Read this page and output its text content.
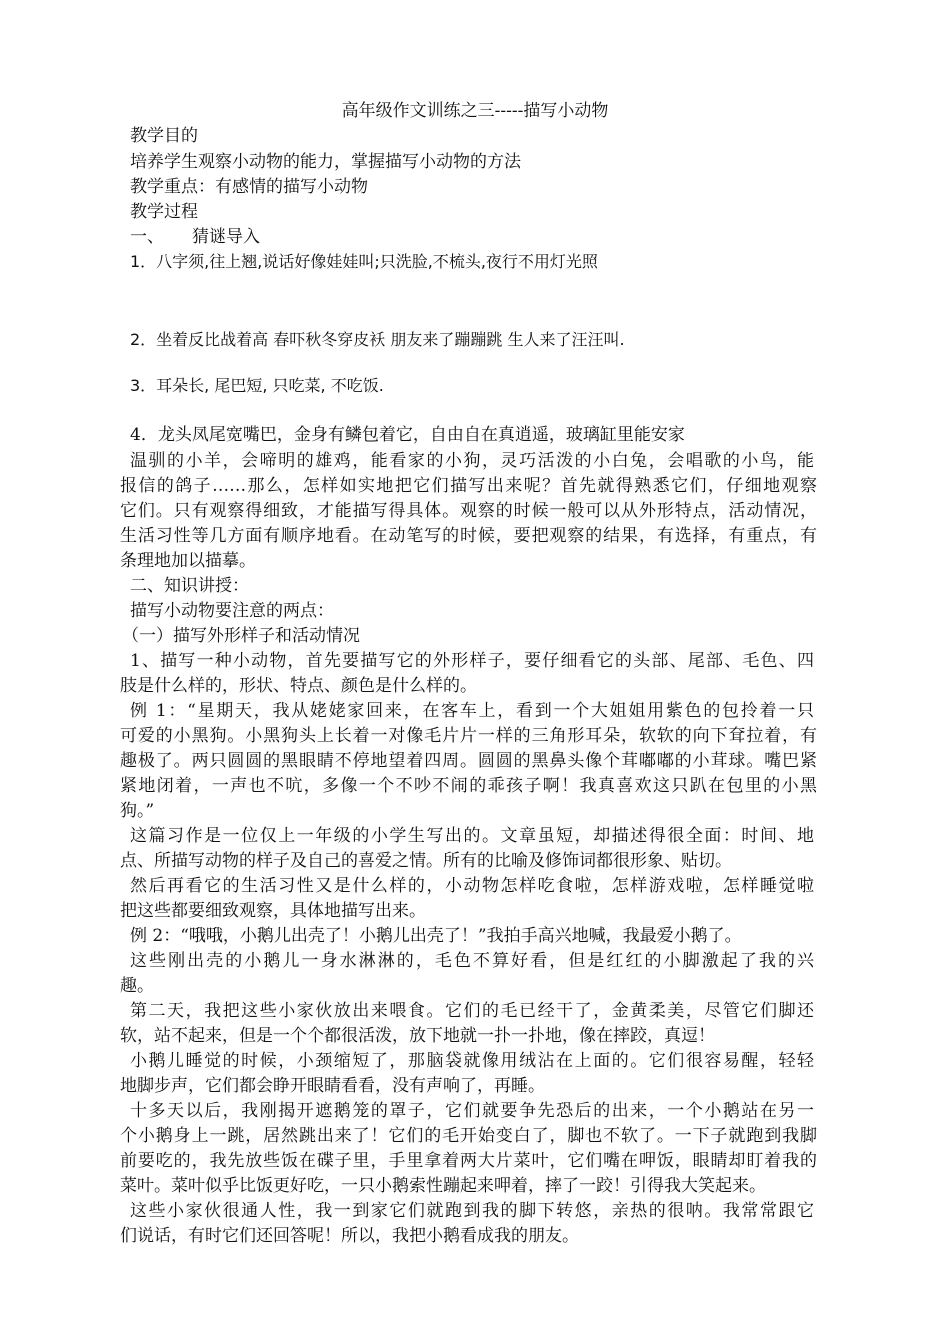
高年级作文训练之三-----描写小动物
教学目的
培养学生观察小动物的能力，掌握描写小动物的方法
教学重点：有感情的描写小动物
教学过程
一、 猜谜导入
1．八字须,往上翘,说话好像娃娃叫;只洗脸,不梳头,夜行不用灯光照
2．坐着反比战着高 春吓秋冬穿皮袄 朋友来了蹦蹦跳 生人来了汪汪叫.
3．耳朵长, 尾巴短, 只吃菜, 不吃饭.
4．龙头凤尾宽嘴巴，金身有鳞包着它，自由自在真逍遥，玻璃缸里能安家
温驯的小羊，会啼明的雄鸡，能看家的小狗，灵巧活泼的小白兔，会唱歌的小鸟，能
报信的鸽子……那么，怎样如实地把它们描写出来呢？首先就得熟悉它们，仔细地观察
它们。只有观察得细致，才能描写得具体。观察的时候一般可以从外形特点，活动情况，
生活习性等几方面有顺序地看。在动笔写的时候，要把观察的结果，有选择，有重点，有
条理地加以描摹。
二、知识讲授：
描写小动物要注意的两点：
（一）描写外形样子和活动情况
1、描写一种小动物，首先要描写它的外形样子，要仔细看它的头部、尾部、毛色、四
肢是什么样的，形状、特点、颜色是什么样的。
例 1：“星期天，我从姥姥家回来，在客车上，看到一个大姐姐用紫色的包拎着一只
可爱的小黑狗。小黑狗头上长着一对像毛片片一样的三角形耳朵，软软的向下耷拉着，有
趣极了。两只圆圆的黑眼睛不停地望着四周。圆圆的黑鼻头像个茸嘟嘟的小茸球。嘴巴紧
紧地闭着，一声也不吭，多像一个不吵不闹的乖孩子啊！我真喜欢这只趴在包里的小黑
狗。”
这篇习作是一位仅上一年级的小学生写出的。文章虽短，却描述得很全面：时间、地
点、所描写动物的样子及自己的喜爱之情。所有的比喻及修饰词都很形象、贴切。
然后再看它的生活习性又是什么样的，小动物怎样吃食啦，怎样游戏啦，怎样睡觉啦
把这些都要细致观察，具体地描写出来。
例 2：“哦哦，小鹅儿出壳了！小鹅儿出壳了！”我拍手高兴地喊，我最爱小鹅了。
这些刚出壳的小鹅儿一身水淋淋的，毛色不算好看，但是红红的小脚激起了我的兴
趣。
第二天，我把这些小家伙放出来喂食。它们的毛已经干了，金黄柔美，尽管它们脚还
软，站不起来，但是一个个都很活泼，放下地就一扑一扑地，像在摔跤，真逗！
小鹅儿睡觉的时候，小颈缩短了，那脑袋就像用绒沾在上面的。它们很容易醒，轻轻
地脚步声，它们都会睁开眼睛看看，没有声响了，再睡。
十多天以后，我刚揭开遮鹅笼的罩子，它们就要争先恐后的出来，一个小鹅站在另一
个小鹅身上一跳，居然跳出来了！它们的毛开始变白了，脚也不软了。一下子就跑到我脚
前要吃的，我先放些饭在碟子里，手里拿着两大片菜叶，它们嘴在呷饭，眼睛却盯着我的
菜叶。菜叶似乎比饭更好吃，一只小鹅索性蹦起来呷着，摔了一跤！引得我大笑起来。
这些小家伙很通人性，我一到家它们就跑到我的脚下转悠，亲热的很呐。我常常跟它
们说话，有时它们还回答呢！所以，我把小鹅看成我的朋友。
